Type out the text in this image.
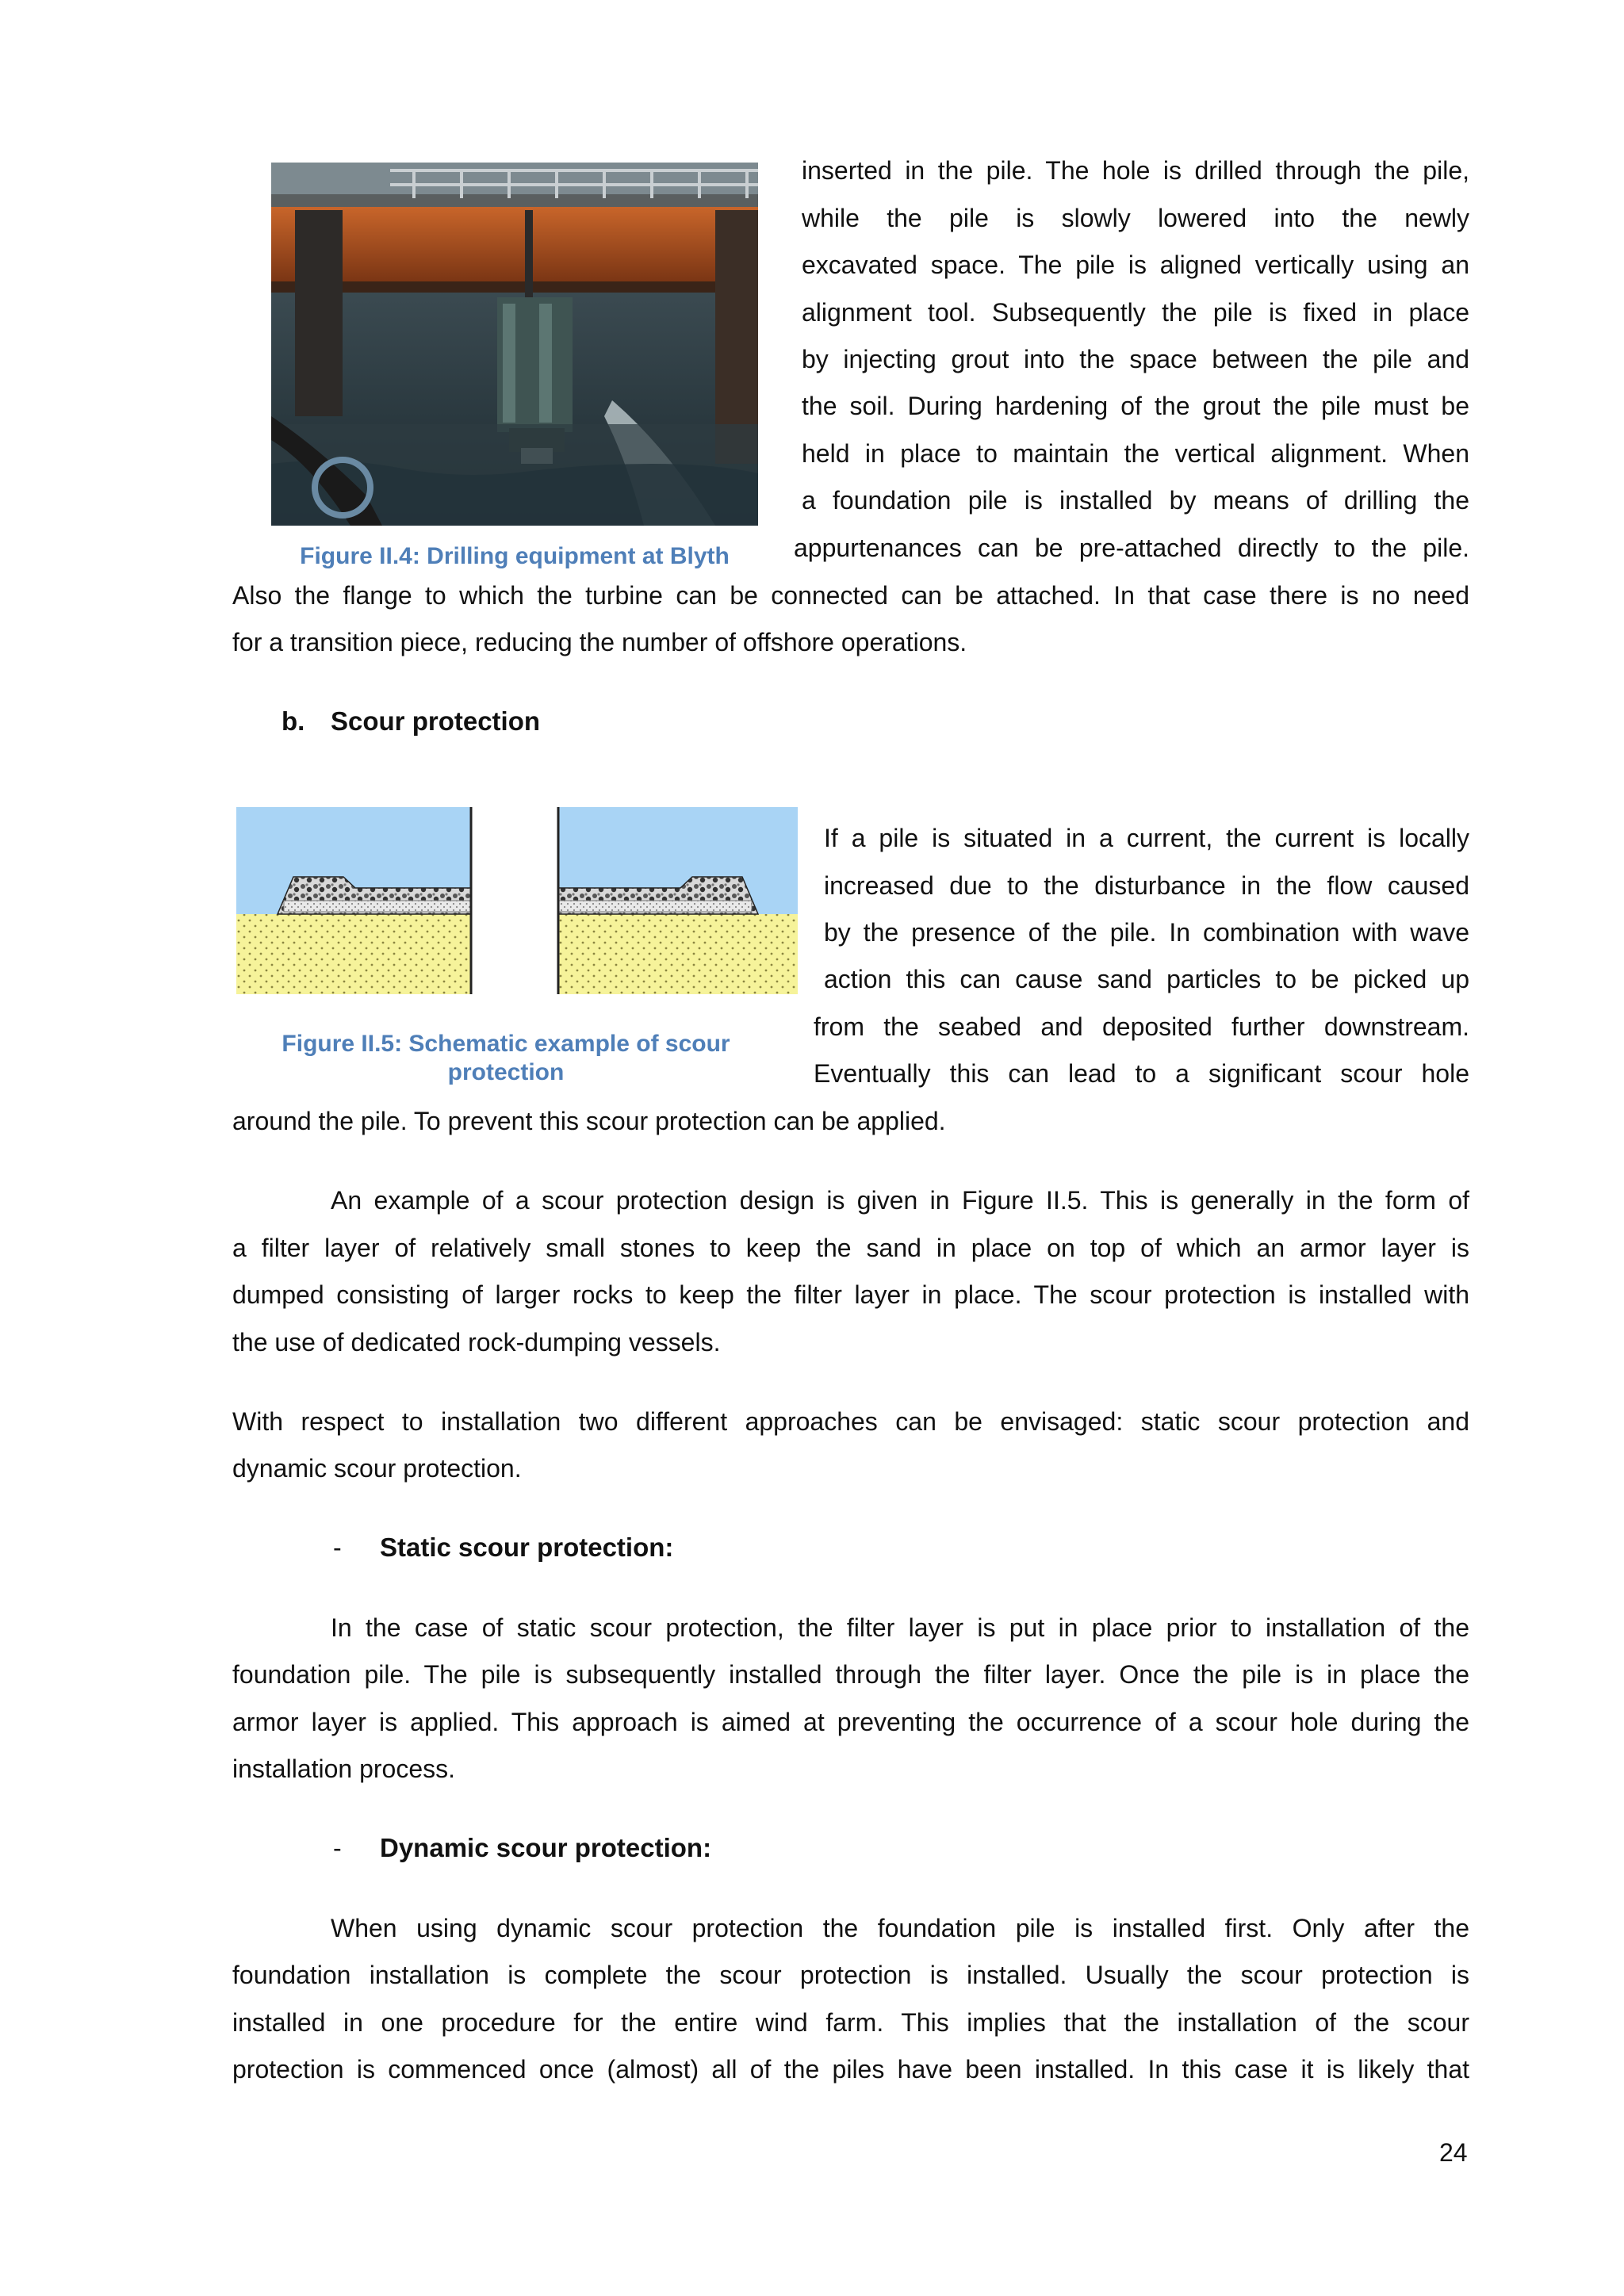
Figure II.4: Drilling equipment at Blyth
inserted in the pile. The hole is drilled through the pile,
while the pile is slowly lowered into the newly
excavated space. The pile is aligned vertically using an
alignment tool. Subsequently the pile is fixed in place
by injecting grout into the space between the pile and
the soil. During hardening of the grout the pile must be
held in place to maintain the vertical alignment. When
a foundation pile is installed by means of drilling the
appurtenances can be pre-attached directly to the pile.
Also the flange to which the turbine can be connected can be attached. In that case there is no need
for a transition piece, reducing the number of offshore operations.
b. Scour protection
Figure II.5: Schematic example of scour
protection
If a pile is situated in a current, the current is locally
increased due to the disturbance in the flow caused
by the presence of the pile. In combination with wave
action this can cause sand particles to be picked up
from the seabed and deposited further downstream.
Eventually this can lead to a significant scour hole
around the pile. To prevent this scour protection can be applied.
An example of a scour protection design is given in Figure II.5. This is generally in the form of
a filter layer of relatively small stones to keep the sand in place on top of which an armor layer is
dumped consisting of larger rocks to keep the filter layer in place. The scour protection is installed with
the use of dedicated rock-dumping vessels.
With respect to installation two different approaches can be envisaged: static scour protection and
dynamic scour protection.
- Static scour protection:
In the case of static scour protection, the filter layer is put in place prior to installation of the
foundation pile. The pile is subsequently installed through the filter layer. Once the pile is in place the
armor layer is applied. This approach is aimed at preventing the occurrence of a scour hole during the
installation process.
- Dynamic scour protection:
When using dynamic scour protection the foundation pile is installed first. Only after the
foundation installation is complete the scour protection is installed. Usually the scour protection is
installed in one procedure for the entire wind farm. This implies that the installation of the scour
protection is commenced once (almost) all of the piles have been installed. In this case it is likely that
24
